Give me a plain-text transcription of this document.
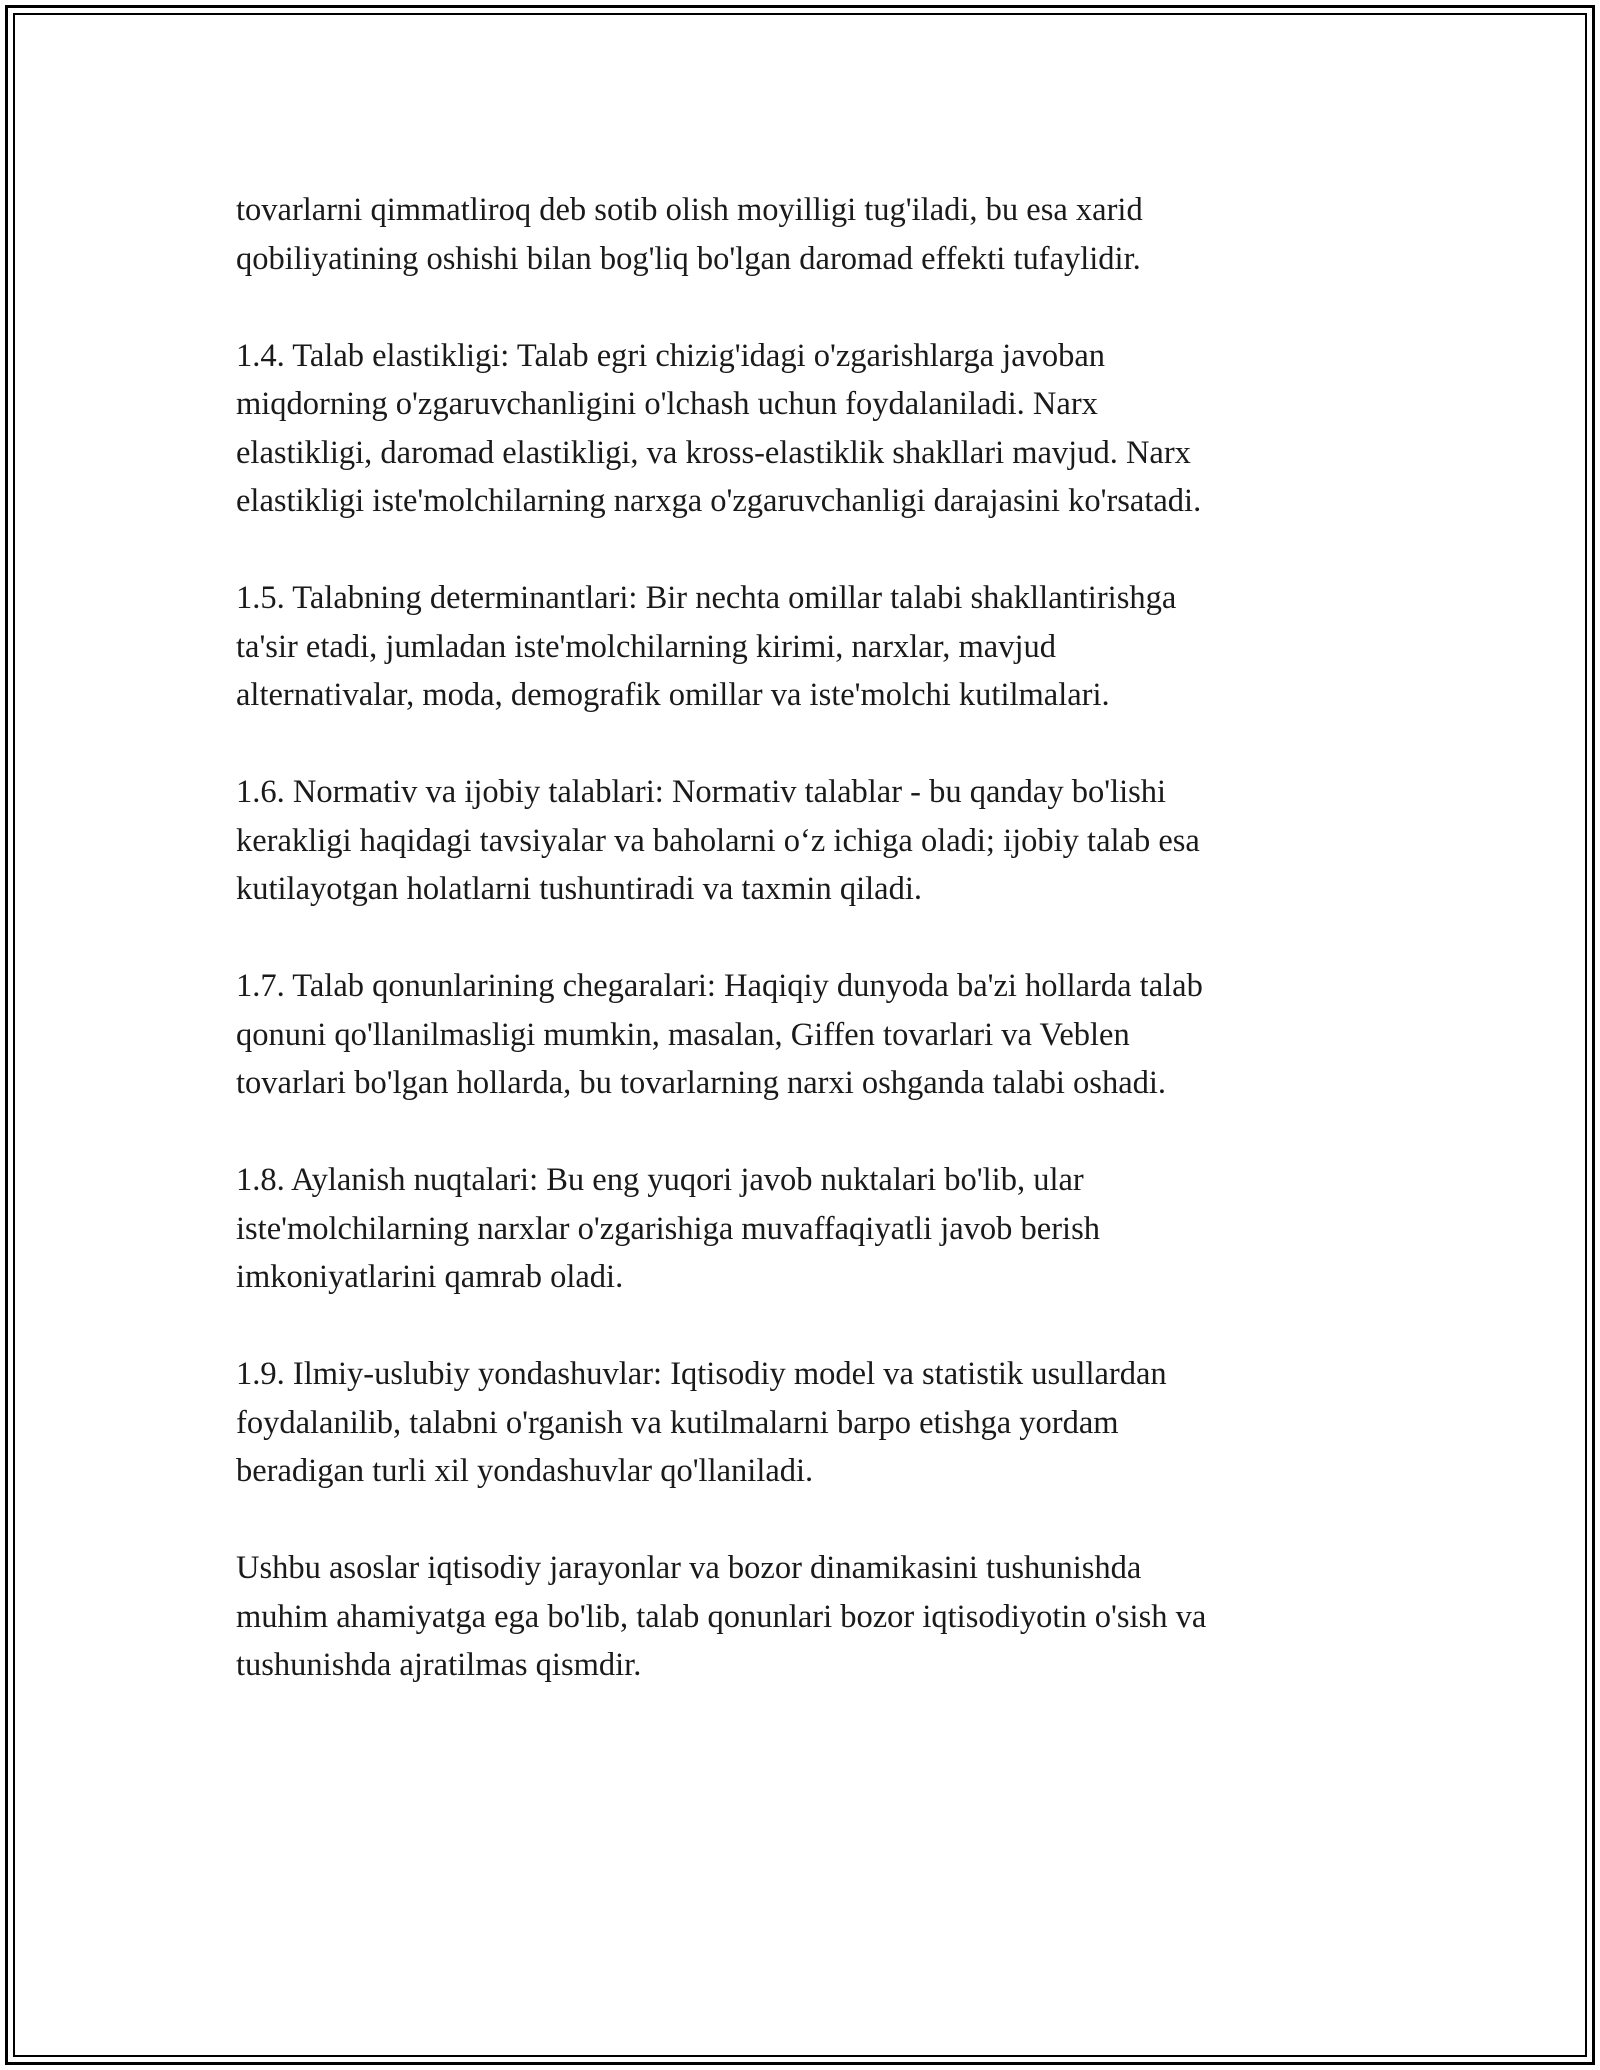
tovarlarni qimmatliroq deb sotib olish moyilligi tug'iladi, bu esa xarid
qobiliyatining oshishi bilan bog'liq bo'lgan daromad effekti tufaylidir.

1.4. Talab elastikligi: Talab egri chizig'idagi o'zgarishlarga javoban
miqdorning o'zgaruvchanligini o'lchash uchun foydalaniladi. Narx
elastikligi, daromad elastikligi, va kross-elastiklik shakllari mavjud. Narx
elastikligi iste'molchilarning narxga o'zgaruvchanligi darajasini ko'rsatadi.

1.5. Talabning determinantlari: Bir nechta omillar talabi shakllantirishga
ta'sir etadi, jumladan iste'molchilarning kirimi, narxlar, mavjud
alternativalar, moda, demografik omillar va iste'molchi kutilmalari.

1.6. Normativ va ijobiy talablari: Normativ talablar - bu qanday bo'lishi
kerakligi haqidagi tavsiyalar va baholarni o‘z ichiga oladi; ijobiy talab esa
kutilayotgan holatlarni tushuntiradi va taxmin qiladi.

1.7. Talab qonunlarining chegaralari: Haqiqiy dunyoda ba'zi hollarda talab
qonuni qo'llanilmasligi mumkin, masalan, Giffen tovarlari va Veblen
tovarlari bo'lgan hollarda, bu tovarlarning narxi oshganda talabi oshadi.

1.8. Aylanish nuqtalari: Bu eng yuqori javob nuktalari bo'lib, ular
iste'molchilarning narxlar o'zgarishiga muvaffaqiyatli javob berish
imkoniyatlarini qamrab oladi.

1.9. Ilmiy-uslubiy yondashuvlar: Iqtisodiy model va statistik usullardan
foydalanilib, talabni o'rganish va kutilmalarni barpo etishga yordam
beradigan turli xil yondashuvlar qo'llaniladi.

Ushbu asoslar iqtisodiy jarayonlar va bozor dinamikasini tushunishda
muhim ahamiyatga ega bo'lib, talab qonunlari bozor iqtisodiyotin o'sish va
tushunishda ajratilmas qismdir.
